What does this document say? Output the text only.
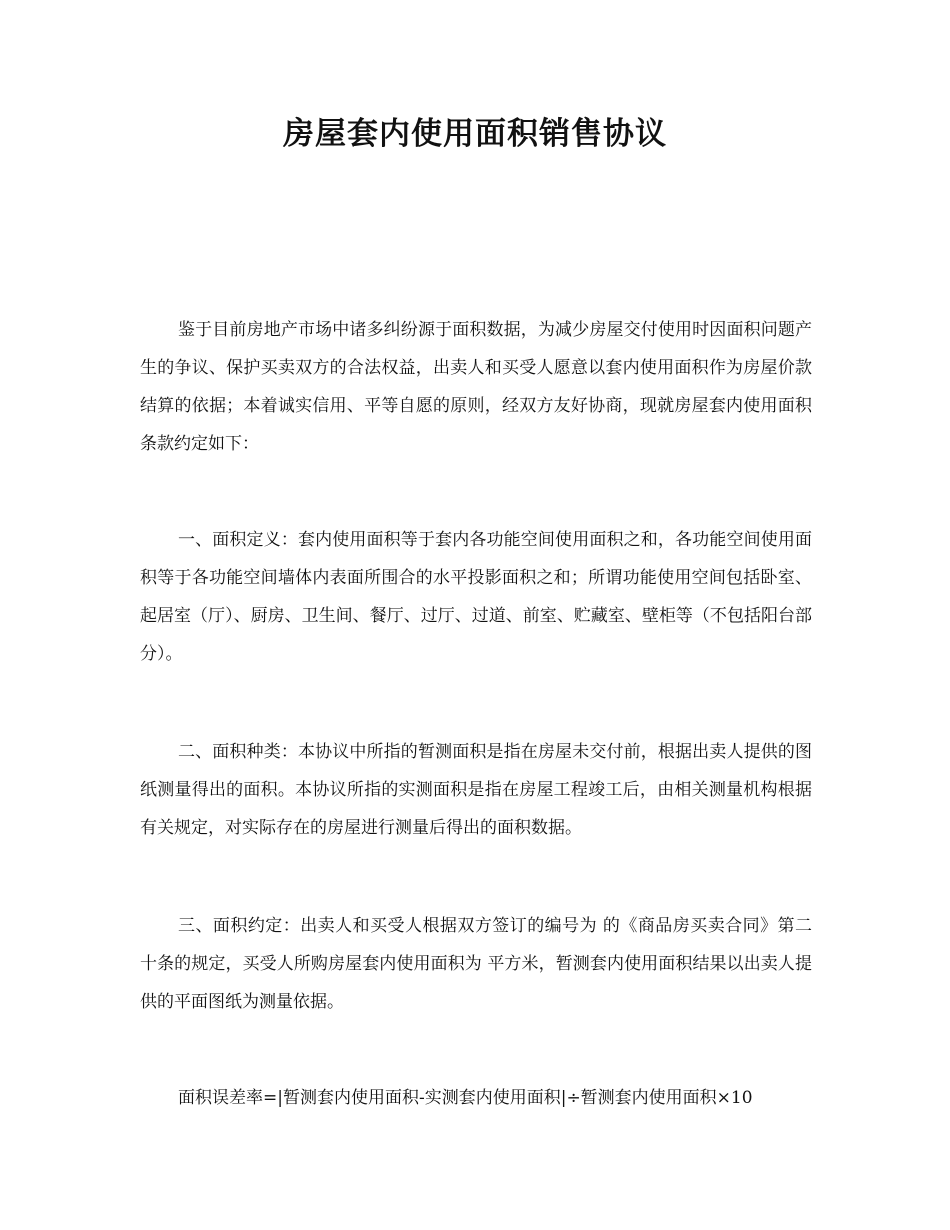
房屋套内使用面积销售协议

鉴于目前房地产市场中诸多纠纷源于面积数据，为减少房屋交付使用时因面积问题产生的争议、保护买卖双方的合法权益，出卖人和买受人愿意以套内使用面积作为房屋价款结算的依据；本着诚实信用、平等自愿的原则，经双方友好协商，现就房屋套内使用面积条款约定如下：

一、面积定义：套内使用面积等于套内各功能空间使用面积之和，各功能空间使用面积等于各功能空间墙体内表面所围合的水平投影面积之和；所谓功能使用空间包括卧室、起居室（厅）、厨房、卫生间、餐厅、过厅、过道、前室、贮藏室、壁柜等（不包括阳台部分）。

二、面积种类：本协议中所指的暂测面积是指在房屋未交付前，根据出卖人提供的图纸测量得出的面积。本协议所指的实测面积是指在房屋工程竣工后，由相关测量机构根据有关规定，对实际存在的房屋进行测量后得出的面积数据。

三、面积约定：出卖人和买受人根据双方签订的编号为 的《商品房买卖合同》第二十条的规定，买受人所购房屋套内使用面积为 平方米，暂测套内使用面积结果以出卖人提供的平面图纸为测量依据。

面积误差率=|暂测套内使用面积-实测套内使用面积|÷暂测套内使用面积×10
